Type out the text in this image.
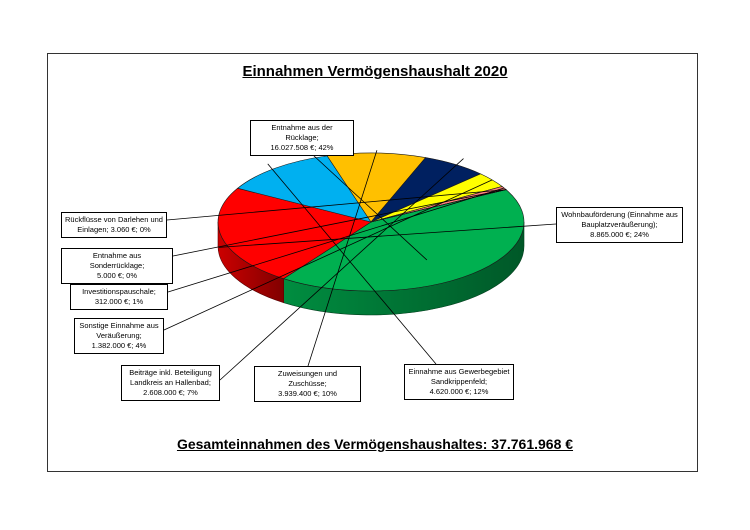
Einnahmen Vermögenshaushalt 2020
Entnahme aus der Rücklage;
16.027.508 €; 42%
Wohnbauförderung (Einnahme aus
Bauplatzveräußerung);
8.865.000 €; 24%
Einnahme aus Gewerbegebiet
Sandkrippenfeld;
4.620.000 €; 12%
Zuweisungen und Zuschüsse;
3.939.400 €; 10%
Beiträge inkl. Beteiligung
Landkreis an Hallenbad;
2.608.000 €; 7%
Sonstige Einnahme aus
Veräußerung;
1.382.000 €; 4%
Investitionspauschale;
312.000 €; 1%
Entnahme aus Sonderrücklage;
5.000 €; 0%
Rückflüsse von Darlehen und
Einlagen; 3.060 €; 0%
Gesamteinnahmen des Vermögenshaushaltes: 37.761.968 €
